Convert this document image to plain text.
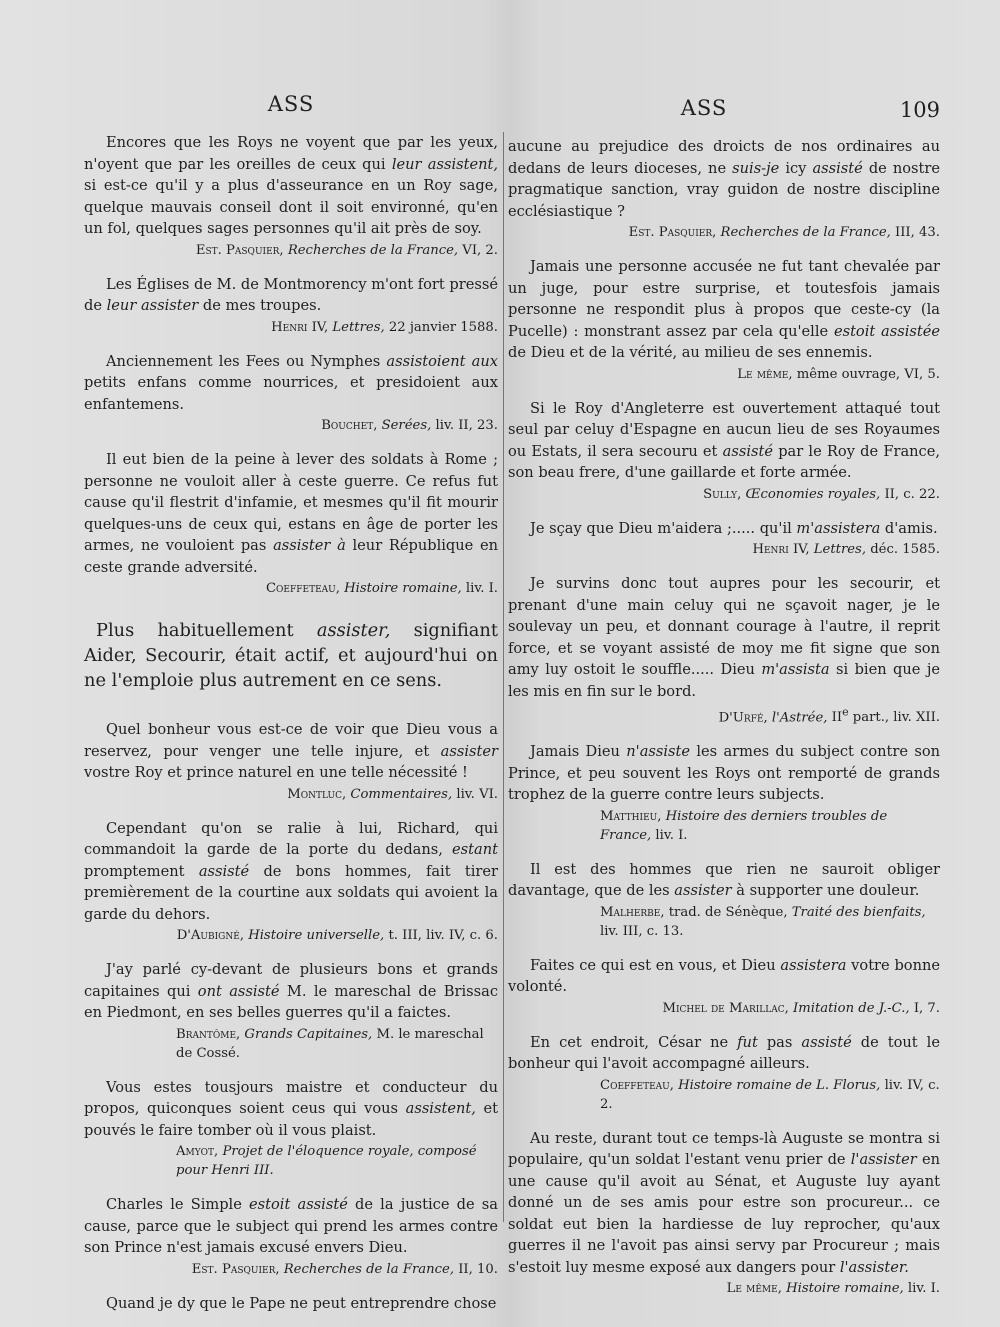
ASS

Encores que les Roys ne voyent que par les yeux, n'oyent que par les oreilles de ceux qui leur assistent, si est-ce qu'il y a plus d'asseurance en un Roy sage, quelque mauvais conseil dont il soit environné, qu'en un fol, quelques sages personnes qu'il ait près de soy.

Est. Pasquier, Recherches de la France, VI, 2.

Les Églises de M. de Montmorency m'ont fort pressé de leur assister de mes troupes.

Henri IV, Lettres, 22 janvier 1588.

Anciennement les Fees ou Nymphes assistoient aux petits enfans comme nourrices, et presidoient aux enfantemens.

Bouchet, Serées, liv. II, 23.

Il eut bien de la peine à lever des soldats à Rome ; personne ne vouloit aller à ceste guerre. Ce refus fut cause qu'il flestrit d'infamie, et mesmes qu'il fit mourir quelques-uns de ceux qui, estans en âge de porter les armes, ne vouloient pas assister à leur République en ceste grande adversité.

Coeffeteau, Histoire romaine, liv. I.

Plus habituellement assister, signifiant Aider, Secourir, était actif, et aujourd'hui on ne l'emploie plus autrement en ce sens.

Quel bonheur vous est-ce de voir que Dieu vous a reservez, pour venger une telle injure, et assister vostre Roy et prince naturel en une telle nécessité !

Montluc, Commentaires, liv. VI.

Cependant qu'on se ralie à lui, Richard, qui commandoit la garde de la porte du dedans, estant promptement assisté de bons hommes, fait tirer premièrement de la courtine aux soldats qui avoient la garde du dehors.

D'Aubigné, Histoire universelle, t. III, liv. IV, c. 6.

J'ay parlé cy-devant de plusieurs bons et grands capitaines qui ont assisté M. le mareschal de Brissac en Piedmont, en ses belles guerres qu'il a faictes.

Brantôme, Grands Capitaines, M. le mareschal de Cossé.

Vous estes tousjours maistre et conducteur du propos, quiconques soient ceus qui vous assistent, et pouvés le faire tomber où il vous plaist.

Amyot, Projet de l'éloquence royale, composé pour Henri III.

Charles le Simple estoit assisté de la justice de sa cause, parce que le subject qui prend les armes contre son Prince n'est jamais excusé envers Dieu.

Est. Pasquier, Recherches de la France, II, 10.

Quand je dy que le Pape ne peut entreprendre chose

ASS	109

aucune au prejudice des droicts de nos ordinaires au dedans de leurs dioceses, ne suis-je icy assisté de nostre pragmatique sanction, vray guidon de nostre discipline ecclésiastique ?

Est. Pasquier, Recherches de la France, III, 43.

Jamais une personne accusée ne fut tant chevalée par un juge, pour estre surprise, et toutesfois jamais personne ne respondit plus à propos que ceste-cy (la Pucelle) : monstrant assez par cela qu'elle estoit assistée de Dieu et de la vérité, au milieu de ses ennemis.

Le même, même ouvrage, VI, 5.

Si le Roy d'Angleterre est ouvertement attaqué tout seul par celuy d'Espagne en aucun lieu de ses Royaumes ou Estats, il sera secouru et assisté par le Roy de France, son beau frere, d'une gaillarde et forte armée.

Sully, Œconomies royales, II, c. 22.

Je sçay que Dieu m'aidera ;..... qu'il m'assistera d'amis.

Henri IV, Lettres, déc. 1585.

Je survins donc tout aupres pour les secourir, et prenant d'une main celuy qui ne sçavoit nager, je le soulevay un peu, et donnant courage à l'autre, il reprit force, et se voyant assisté de moy me fit signe que son amy luy ostoit le souffle..... Dieu m'assista si bien que je les mis en fin sur le bord.

D'Urfé, l'Astrée, IIe part., liv. XII.

Jamais Dieu n'assiste les armes du subject contre son Prince, et peu souvent les Roys ont remporté de grands trophez de la guerre contre leurs subjects.

Matthieu, Histoire des derniers troubles de France, liv. I.

Il est des hommes que rien ne sauroit obliger davantage, que de les assister à supporter une douleur.

Malherbe, trad. de Sénèque, Traité des bienfaits, liv. III, c. 13.

Faites ce qui est en vous, et Dieu assistera votre bonne volonté.

Michel de Marillac, Imitation de J.-C., I, 7.

En cet endroit, César ne fut pas assisté de tout le bonheur qui l'avoit accompagné ailleurs.

Coeffeteau, Histoire romaine de L. Florus, liv. IV, c. 2.

Au reste, durant tout ce temps-là Auguste se montra si populaire, qu'un soldat l'estant venu prier de l'assister en une cause qu'il avoit au Sénat, et Auguste luy ayant donné un de ses amis pour estre son procureur... ce soldat eut bien la hardiesse de luy reprocher, qu'aux guerres il ne l'avoit pas ainsi servy par Procureur ; mais s'estoit luy mesme exposé aux dangers pour l'assister.

Le même, Histoire romaine, liv. I.
